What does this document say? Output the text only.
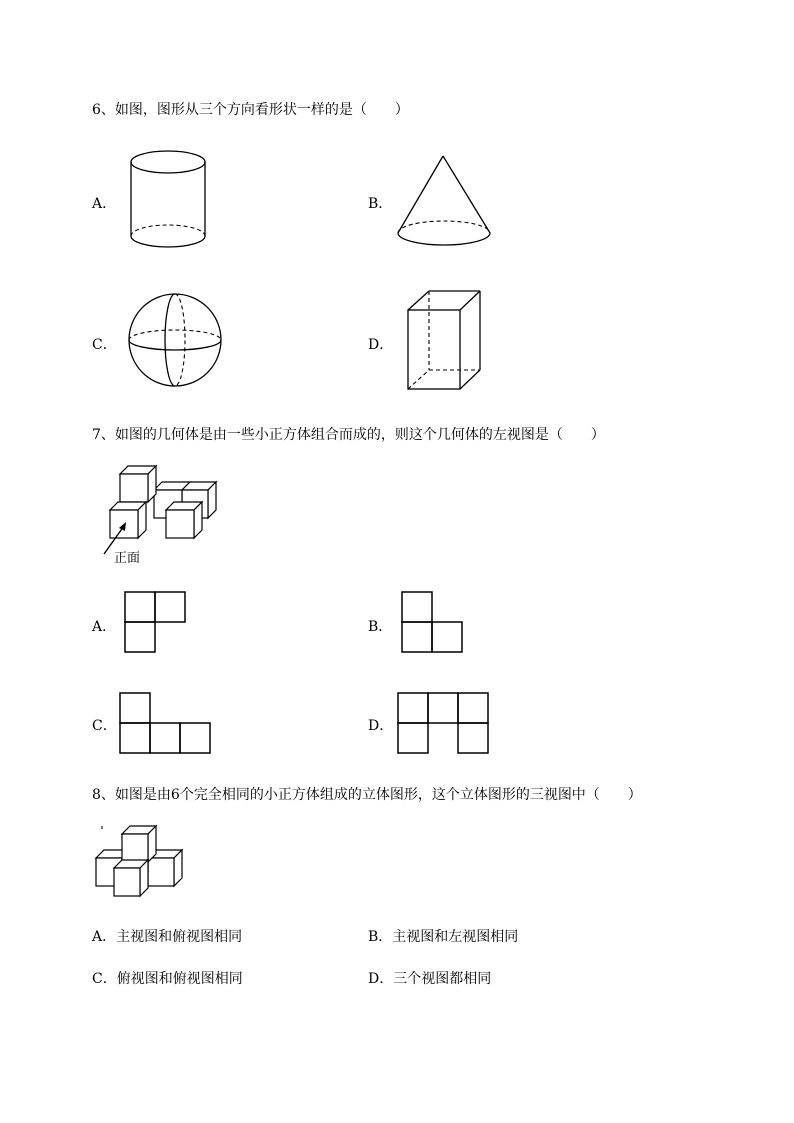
6、如图，图形从三个方向看形状一样的是（　　）
A．	B．
C．	D．
7、如图的几何体是由一些小正方体组合而成的，则这个几何体的左视图是（　　）
正面
A．	B．
C．	D．
8、如图是由6个完全相同的小正方体组成的立体图形，这个立体图形的三视图中（　　）
A．主视图和俯视图相同	B．主视图和左视图相同
C．俯视图和俯视图相同	D．三个视图都相同
